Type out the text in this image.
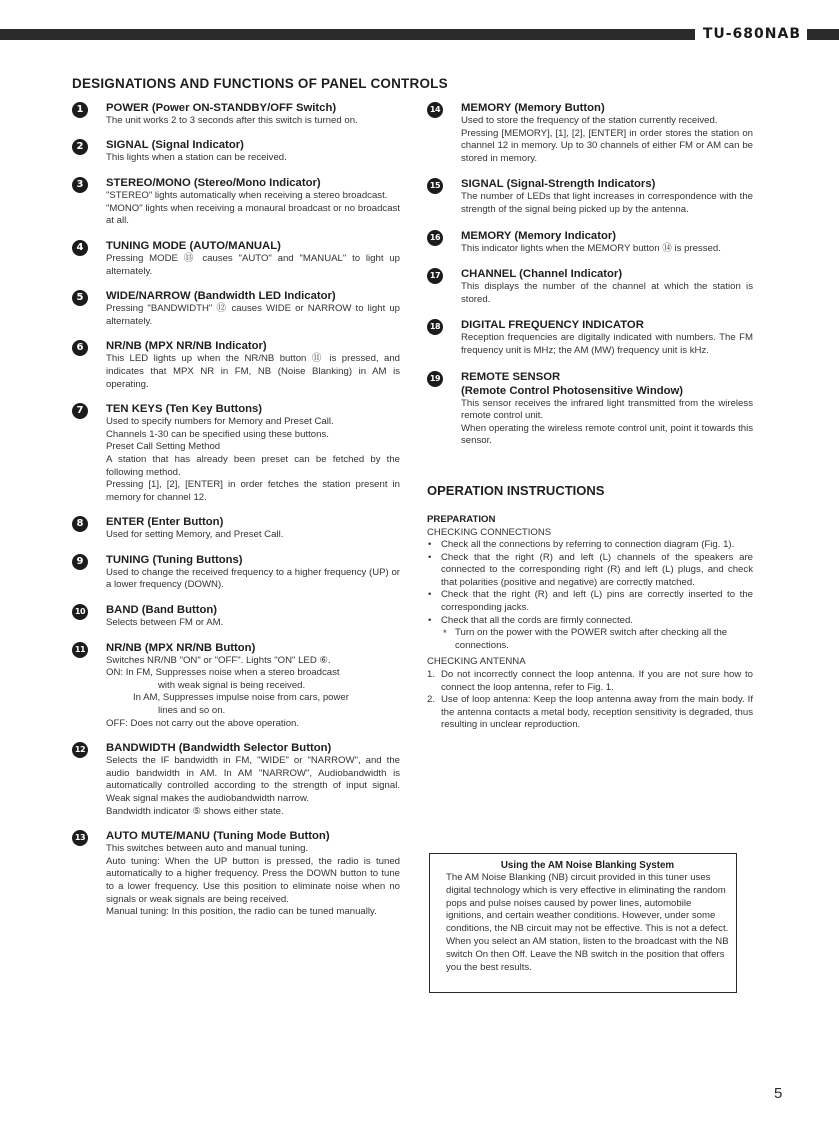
TU-680NAB
DESIGNATIONS AND FUNCTIONS OF PANEL CONTROLS
1	POWER (Power ON-STANDBY/OFF Switch)
The unit works 2 to 3 seconds after this switch is turned on.
2	SIGNAL (Signal Indicator)
This lights when a station can be received.
3	STEREO/MONO (Stereo/Mono Indicator)
"STEREO" lights automatically when receiving a stereo broadcast.
"MONO" lights when receiving a monaural broadcast or no broadcast at all.
4	TUNING MODE (AUTO/MANUAL)
Pressing MODE ⑬ causes "AUTO" and "MANUAL" to light up alternately.
5	WIDE/NARROW (Bandwidth LED Indicator)
Pressing "BANDWIDTH" ⑫ causes WIDE or NARROW to light up alternately.
6	NR/NB (MPX NR/NB Indicator)
This LED lights up when the NR/NB button ⑪ is pressed, and indicates that MPX NR in FM, NB (Noise Blanking) in AM is operating.
7	TEN KEYS (Ten Key Buttons)
Used to specify numbers for Memory and Preset Call.
Channels 1-30 can be specified using these buttons.
Preset Call Setting Method
A station that has already been preset can be fetched by the following method.
Pressing [1], [2], [ENTER] in order fetches the station present in memory for channel 12.
8	ENTER (Enter Button)
Used for setting Memory, and Preset Call.
9	TUNING (Tuning Buttons)
Used to change the received frequency to a higher frequency (UP) or a lower frequency (DOWN).
10 BAND (Band Button)
Selects between FM or AM.
11 NR/NB (MPX NR/NB Button)
Switches NR/NB "ON" or "OFF". Lights "ON" LED ⑥.
ON: In FM, Suppresses noise when a stereo broadcast
with weak signal is being received.
In AM, Suppresses impulse noise from cars, power
lines and so on.
OFF: Does not carry out the above operation.
12 BANDWIDTH (Bandwidth Selector Button)
Selects the IF bandwidth in FM, "WIDE" or "NARROW", and the audio bandwidth in AM. In AM "NARROW", Audiobandwidth is automatically controlled according to the strength of input signal. Weak signal makes the audiobandwidth narrow.
Bandwidth indicator ⑤ shows either state.
13 AUTO MUTE/MANU (Tuning Mode Button)
This switches between auto and manual tuning.
Auto tuning: When the UP button is pressed, the radio is tuned automatically to a higher frequency. Press the DOWN button to tune to a lower frequency. Use this position to eliminate noise when no signals or weak signals are being received.
Manual tuning: In this position, the radio can be tuned manually.
14 MEMORY (Memory Button)
Used to store the frequency of the station currently received.
Pressing [MEMORY], [1], [2], [ENTER] in order stores the station on channel 12 in memory. Up to 30 channels of either FM or AM can be stored in memory.
15 SIGNAL (Signal-Strength Indicators)
The number of LEDs that light increases in correspondence with the strength of the signal being picked up by the antenna.
16 MEMORY (Memory Indicator)
This indicator lights when the MEMORY button ⑭ is pressed.
17 CHANNEL (Channel Indicator)
This displays the number of the channel at which the station is stored.
18 DIGITAL FREQUENCY INDICATOR
Reception frequencies are digitally indicated with numbers. The FM frequency unit is MHz; the AM (MW) frequency unit is kHz.
19 REMOTE SENSOR
(Remote Control Photosensitive Window)
This sensor receives the infrared light transmitted from the wireless remote control unit.
When operating the wireless remote control unit, point it towards this sensor.
OPERATION INSTRUCTIONS
PREPARATION
CHECKING CONNECTIONS
• Check all the connections by referring to connection diagram (Fig. 1).
• Check that the right (R) and left (L) channels of the speakers are connected to the corresponding right (R) and left (L) plugs, and check that polarities (positive and negative) are correctly matched.
• Check that the right (R) and left (L) pins are correctly inserted to the corresponding jacks.
• Check that all the cords are firmly connected.
* Turn on the power with the POWER switch after checking all the connections.
CHECKING ANTENNA
1. Do not incorrectly connect the loop antenna. If you are not sure how to connect the loop antenna, refer to Fig. 1.
2. Use of loop antenna: Keep the loop antenna away from the main body. If the antenna contacts a metal body, reception sensitivity is degraded, thus resulting in unclear reproduction.
Using the AM Noise Blanking System
The AM Noise Blanking (NB) circuit provided in this tuner uses digital technology which is very effective in eliminating the random pops and pulse noises caused by power lines, automobile ignitions, and certain weather conditions. However, under some conditions, the NB circuit may not be effective. This is not a defect.
When you select an AM station, listen to the broadcast with the NB switch On then Off. Leave the NB switch in the position that offers you the best results.
5
